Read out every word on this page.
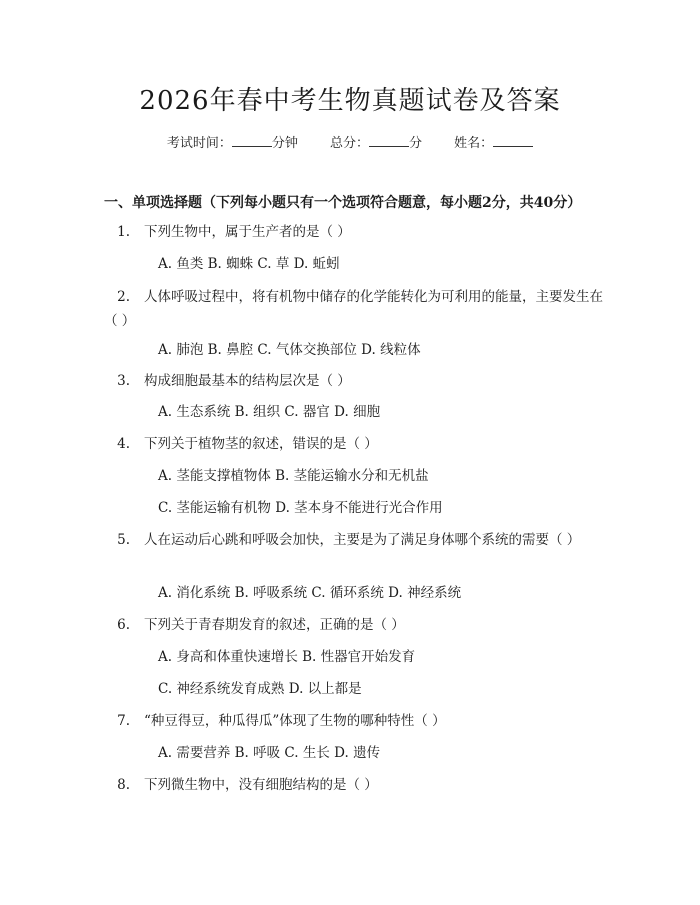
2026年春中考生物真题试卷及答案
考试时间：	分钟 总分：	分 姓名：
一、单项选择题（下列每小题只有一个选项符合题意，每小题2分，共40分）
1. 下列生物中，属于生产者的是（ ）
A. 鱼类 B. 蜘蛛 C. 草 D. 蚯蚓
2. 人体呼吸过程中，将有机物中储存的化学能转化为可利用的能量，主要发生在（ ）
A. 肺泡 B. 鼻腔 C. 气体交换部位 D. 线粒体
3. 构成细胞最基本的结构层次是（ ）
A. 生态系统 B. 组织 C. 器官 D. 细胞
4. 下列关于植物茎的叙述，错误的是（ ）
A. 茎能支撑植物体 B. 茎能运输水分和无机盐
C. 茎能运输有机物 D. 茎本身不能进行光合作用
5. 人在运动后心跳和呼吸会加快，主要是为了满足身体哪个系统的需要（ ）
A. 消化系统 B. 呼吸系统 C. 循环系统 D. 神经系统
6. 下列关于青春期发育的叙述，正确的是（ ）
A. 身高和体重快速增长 B. 性器官开始发育
C. 神经系统发育成熟 D. 以上都是
7. “种豆得豆，种瓜得瓜”体现了生物的哪种特性（ ）
A. 需要营养 B. 呼吸 C. 生长 D. 遗传
8. 下列微生物中，没有细胞结构的是（ ）
